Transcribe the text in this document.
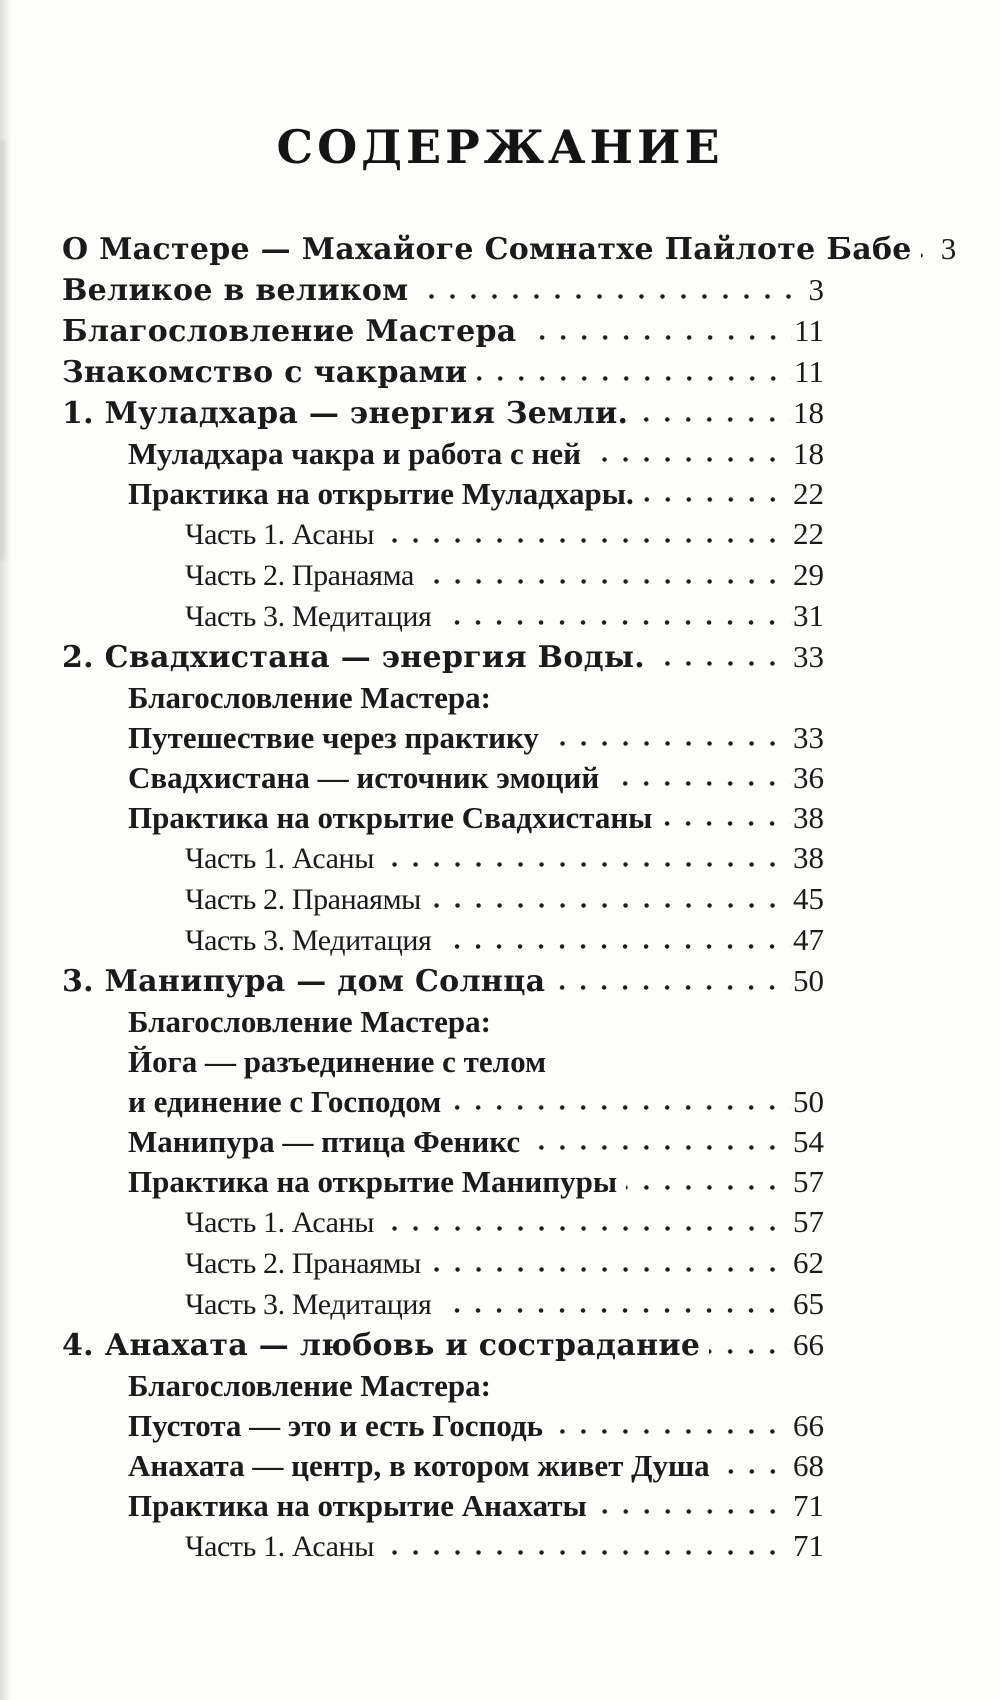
СОДЕРЖАНИЕ
О Мастере — Махайоге Сомнатхе Пайлоте Бабе 3
Великое в великом	3
Благословление Мастера	11
Знакомство с чакрами	11
1. Муладхара — энергия Земли.	18
Муладхара чакра и работа с ней	18
Практика на открытие Муладхары.	22
Часть 1. Асаны	22
Часть 2. Пранаяма	29
Часть 3. Медитация	31
2. Свадхистана — энергия Воды.	33
Благословление Мастера:
Путешествие через практику	33
Свадхистана — источник эмоций	36
Практика на открытие Свадхистаны	38
Часть 1. Асаны	38
Часть 2. Пранаямы	45
Часть 3. Медитация	47
3. Манипура — дом Солнца	50
Благословление Мастера:
Йога — разъединение с телом
и единение с Господом	50
Манипура — птица Феникс	54
Практика на открытие Манипуры	57
Часть 1. Асаны	57
Часть 2. Пранаямы	62
Часть 3. Медитация	65
4. Анахата — любовь и сострадание	66
Благословление Мастера:
Пустота — это и есть Господь	66
Анахата — центр, в котором живет Душа	68
Практика на открытие Анахаты	71
Часть 1. Асаны	71
